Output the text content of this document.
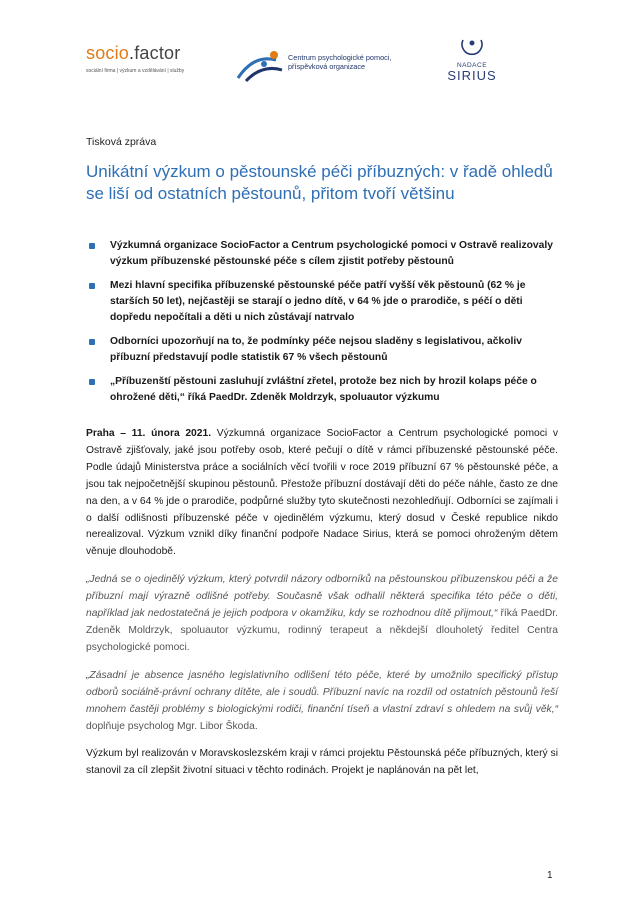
socio.factor
sociální firma | výzkum a vzdělávání | služby
Centrum psychologické pomoci,
příspěvková organizace	NADACE
SIRIUS
Tisková zpráva
Unikátní výzkum o pěstounské péči příbuzných: v řadě ohledů se liší od ostatních pěstounů, přitom tvoří většinu
Výzkumná organizace SocioFactor a Centrum psychologické pomoci v Ostravě realizovaly výzkum příbuzenské pěstounské péče s cílem zjistit potřeby pěstounů
Mezi hlavní specifika příbuzenské pěstounské péče patří vyšší věk pěstounů (62 % je starších 50 let), nejčastěji se starají o jedno dítě, v 64 % jde o prarodiče, s péčí o děti dopředu nepočítali a děti u nich zůstávají natrvalo
Odborníci upozorňují na to, že podmínky péče nejsou sladěny s legislativou, ačkoliv příbuzní představují podle statistik 67 % všech pěstounů
„Příbuzenští pěstouni zasluhují zvláštní zřetel, protože bez nich by hrozil kolaps péče o ohrožené děti,“ říká PaedDr. Zdeněk Moldrzyk, spoluautor výzkumu

Praha – 11. února 2021. Výzkumná organizace SocioFactor a Centrum psychologické pomoci v Ostravě zjišťovaly, jaké jsou potřeby osob, které pečují o dítě v rámci příbuzenské pěstounské péče. Podle údajů Ministerstva práce a sociálních věcí tvořili v roce 2019 příbuzní 67 % pěstounské péče, a jsou tak nejpočetnější skupinou pěstounů. Přestože příbuzní dostávají děti do péče náhle, často ze dne na den, a v 64 % jde o prarodiče, podpůrné služby tyto skutečnosti nezohledňují. Odborníci se zajímali i o další odlišnosti příbuzenské péče v ojedinělém výzkumu, který dosud v České republice nikdo nerealizoval. Výzkum vznikl díky finanční podpoře Nadace Sirius, která se pomoci ohroženým dětem věnuje dlouhodobě.

„Jedná se o ojedinělý výzkum, který potvrdil názory odborníků na pěstounskou příbuzenskou péči a že příbuzní mají výrazně odlišné potřeby. Současně však odhalil některá specifika této péče o děti, například jak nedostatečná je jejich podpora v okamžiku, kdy se rozhodnou dítě přijmout,“ říká PaedDr. Zdeněk Moldrzyk, spoluautor výzkumu, rodinný terapeut a někdejší dlouholetý ředitel Centra psychologické pomoci.

„Zásadní je absence jasného legislativního odlišení této péče, které by umožnilo specifický přístup odborů sociálně-právní ochrany dítěte, ale i soudů. Příbuzní navíc na rozdíl od ostatních pěstounů řeší mnohem častěji problémy s biologickými rodiči, finanční tíseň a vlastní zdraví s ohledem na svůj věk,“ doplňuje psycholog Mgr. Libor Škoda.

Výzkum byl realizován v Moravskoslezském kraji v rámci projektu Pěstounská péče příbuzných, který si stanovil za cíl zlepšit životní situaci v těchto rodinách. Projekt je naplánován na pět let,

1
